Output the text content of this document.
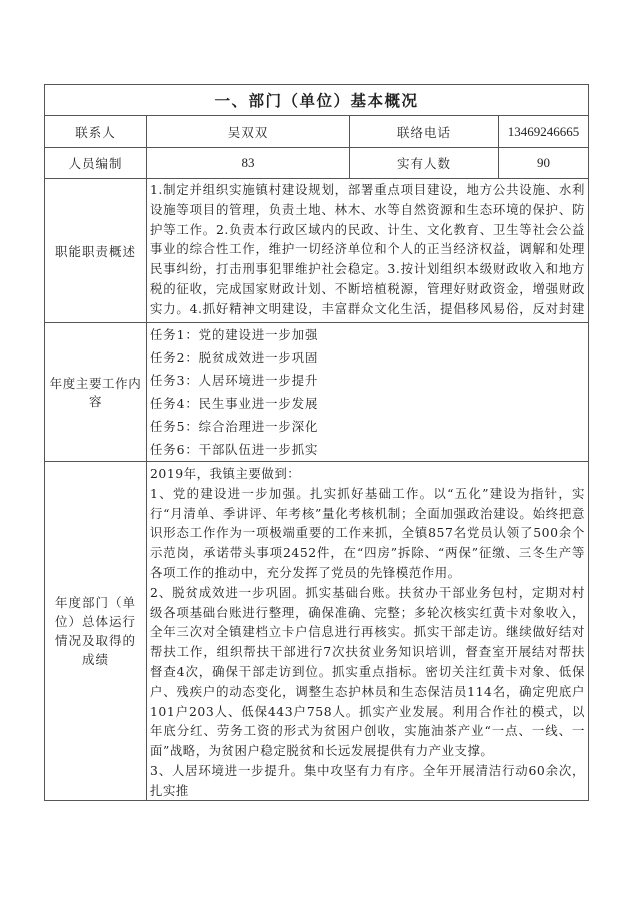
一、部门（单位）基本概况
联系人	吴双双	联络电话	13469246665
人员编制	83	实有人数	90
职能职责概述

1.制定并组织实施镇村建设规划，部署重点项目建设，地方公共设施、水利设施等项目的管理，负责土地、林木、水等自然资源和生态环境的保护、防护等工作。2.负责本行政区域内的民政、计生、文化教育、卫生等社会公益事业的综合性工作，维护一切经济单位和个人的正当经济权益，调解和处理民事纠纷，打击刑事犯罪维护社会稳定。3.按计划组织本级财政收入和地方税的征收，完成国家财政计划、不断培植税源，管理好财政资金，增强财政实力。4.抓好精神文明建设，丰富群众文化生活，提倡移风易俗，反对封建

年度主要工作内容

任务1：党的建设进一步加强

任务2：脱贫成效进一步巩固

任务3：人居环境进一步提升

任务4：民生事业进一步发展

任务5：综合治理进一步深化

任务6：干部队伍进一步抓实

年度部门（单位）总体运行情况及取得的成绩

2019年，我镇主要做到：

1、党的建设进一步加强。扎实抓好基础工作。以“五化”建设为指针，实行“月清单、季讲评、年考核”量化考核机制；全面加强政治建设。始终把意识形态工作作为一项极端重要的工作来抓，全镇857名党员认领了500余个示范岗，承诺带头事项2452件，在“四房”拆除、“两保”征缴、三冬生产等各项工作的推动中，充分发挥了党员的先锋模范作用。

2、脱贫成效进一步巩固。抓实基础台账。扶贫办干部业务包村，定期对村级各项基础台账进行整理，确保准确、完整；多轮次核实红黄卡对象收入，全年三次对全镇建档立卡户信息进行再核实。抓实干部走访。继续做好结对帮扶工作，组织帮扶干部进行7次扶贫业务知识培训，督查室开展结对帮扶督查4次，确保干部走访到位。抓实重点指标。密切关注红黄卡对象、低保户、残疾户的动态变化，调整生态护林员和生态保洁员114名，确定兜底户101户203人、低保443户758人。抓实产业发展。利用合作社的模式，以年底分红、劳务工资的形式为贫困户创收，实施油茶产业“一点、一线、一面”战略，为贫困户稳定脱贫和长远发展提供有力产业支撑。

3、人居环境进一步提升。集中攻坚有力有序。全年开展清洁行动60余次，扎实推
